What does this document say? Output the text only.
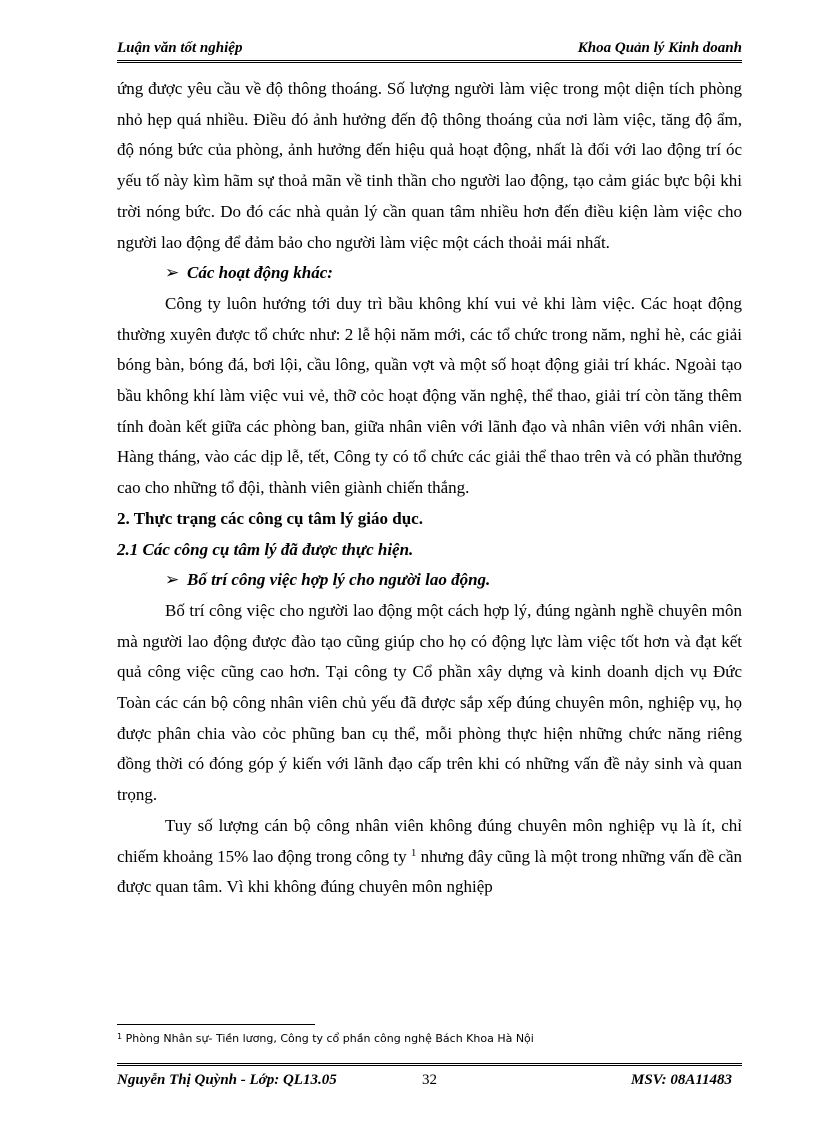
Luận văn tốt nghiệp	Khoa Quản lý Kinh doanh

ứng được yêu cầu về độ thông thoáng. Số lượng người làm việc trong một diện tích phòng nhỏ hẹp quá nhiều. Điều đó ảnh hưởng đến độ thông thoáng của nơi làm việc, tăng độ ẩm, độ nóng bức của phòng, ảnh hưởng đến hiệu quả hoạt động, nhất là đối với lao động trí óc yếu tố này kìm hãm sự thoả mãn về tinh thần cho người lao động, tạo cảm giác bực bội khi trời nóng bức. Do đó các nhà quản lý cần quan tâm nhiều hơn đến điều kiện làm việc cho người lao động để đảm bảo cho người làm việc một cách thoải mái nhất.

➢ Các hoạt động khác:

Công ty luôn hướng tới duy trì bầu không khí vui vẻ khi làm việc. Các hoạt động thường xuyên được tổ chức như: 2 lễ hội năm mới, các tổ chức trong năm, nghỉ hè, các giải bóng bàn, bóng đá, bơi lội, cầu lông, quần vợt và một số hoạt động giải trí khác. Ngoài tạo bầu không khí làm việc vui vẻ, thỡ cỏc hoạt động văn nghệ, thể thao, giải trí còn tăng thêm tính đoàn kết giữa các phòng ban, giữa nhân viên với lãnh đạo và nhân viên với nhân viên. Hàng tháng, vào các dịp lễ, tết, Công ty có tổ chức các giải thể thao trên và có phần thưởng cao cho những tổ đội, thành viên giành chiến thắng.

2. Thực trạng các công cụ tâm lý giáo dục.

2.1 Các công cụ tâm lý đã được thực hiện.

➢ Bố trí công việc hợp lý cho người lao động.

Bố trí công việc cho người lao động một cách hợp lý, đúng ngành nghề chuyên môn mà người lao động được đào tạo cũng giúp cho họ có động lực làm việc tốt hơn và đạt kết quả công việc cũng cao hơn. Tại công ty Cổ phần xây dựng và kinh doanh dịch vụ Đức Toàn các cán bộ công nhân viên chủ yếu đã được sắp xếp đúng chuyên môn, nghiệp vụ, họ được phân chia vào cỏc phũng ban cụ thể, mỗi phòng thực hiện những chức năng riêng đồng thời có đóng góp ý kiến với lãnh đạo cấp trên khi có những vấn đề nảy sinh và quan trọng.

Tuy số lượng cán bộ công nhân viên không đúng chuyên môn nghiệp vụ là ít, chỉ chiếm khoảng 15% lao động trong công ty $^1$ nhưng đây cũng là một trong những vấn đề cần được quan tâm. Vì khi không đúng chuyên môn nghiệp

$^1$ Phòng Nhân sự- Tiền lương, Công ty cổ phần công nghệ Bách Khoa Hà Nội
Nguyễn Thị Quỳnh - Lớp: QL13.05	32	MSV: 08A11483
